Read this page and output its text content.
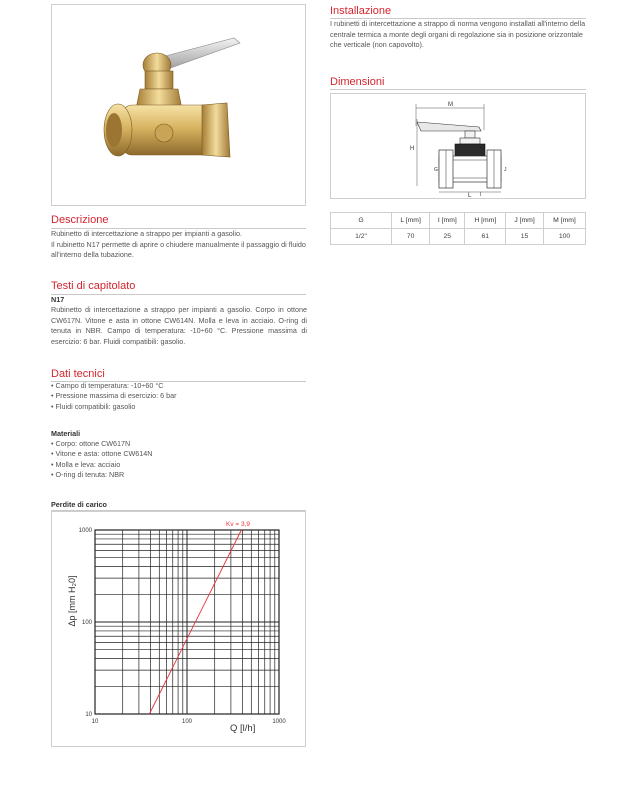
Descrizione
Rubinetto di intercettazione a strappo per impianti a gasolio.
Il rubinetto N17 permette di aprire o chiudere manualmente il passaggio di fluido all'interno della tubazione.
Testi di capitolato
N17
Rubinetto di intercettazione a strappo per impianti a gasolio. Corpo in ottone CW617N. Vitone e asta in ottone CW614N. Molla e leva in acciaio. O-ring di tenuta in NBR. Campo di temperatura: -10÷60 °C. Pressione massima di esercizio: 6 bar. Fluidi compatibili: gasolio.
Dati tecnici
• Campo di temperatura: -10÷60 °C
• Pressione massima di esercizio: 6 bar
• Fluidi compatibili: gasolio
Materiali
• Corpo: ottone CW617N
• Vitone e asta: ottone CW614N
• Molla e leva: acciaio
• O-ring di tenuta: NBR
Perdite di carico
10	100	1000
1000
100
10
Q [l/h]
Δp [mm H₂0]
Kv = 3,9
Installazione
I rubinetti di intercettazione a strappo di norma vengono installati all'interno della centrale termica a monte degli organi di regolazione sia in posizione orizzontale che verticale (non capovolto).
Dimensioni
M
H
L
G	J
I
G	L [mm]	I [mm]	H [mm]	J [mm]	M [mm]
1/2"	70	25	61	15	100
